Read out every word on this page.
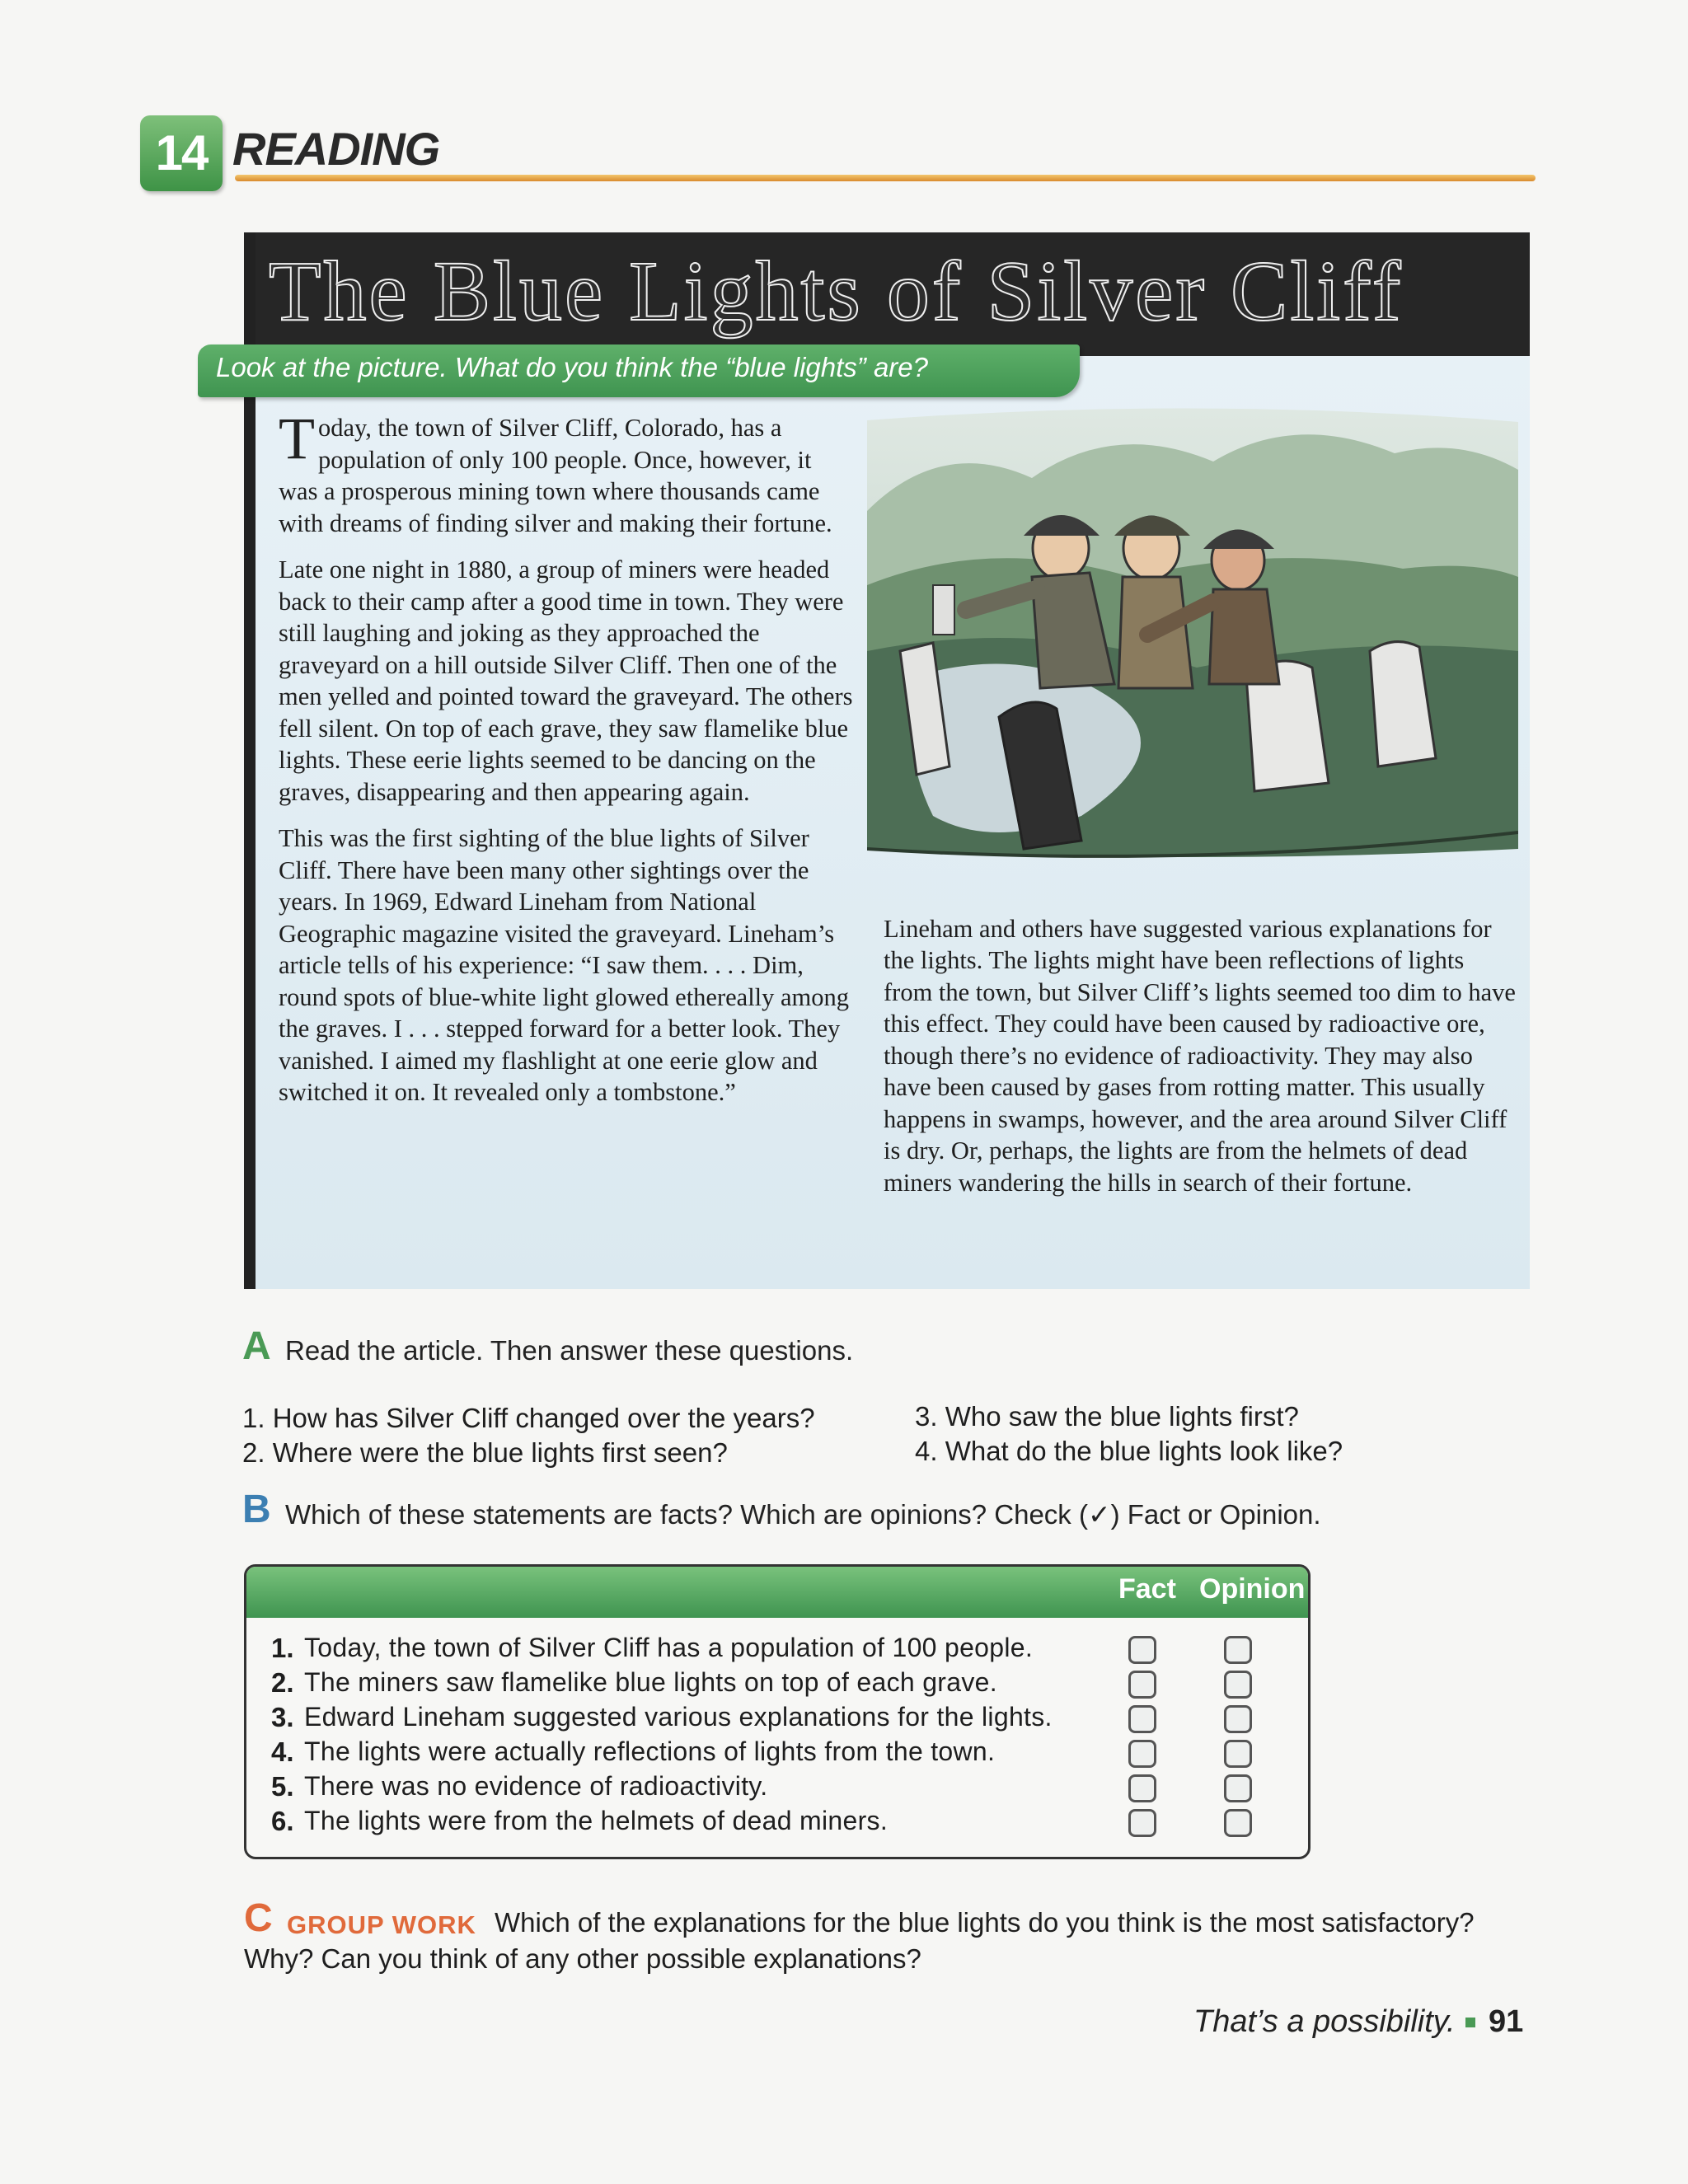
14 READING
The Blue Lights of Silver Cliff
Look at the picture. What do you think the “blue lights” are?

Today, the town of Silver Cliff, Colorado, has a population of only 100 people. Once, however, it was a prosperous mining town where thousands came with dreams of finding silver and making their fortune.

Late one night in 1880, a group of miners were headed back to their camp after a good time in town. They were still laughing and joking as they approached the graveyard on a hill outside Silver Cliff. Then one of the men yelled and pointed toward the graveyard. The others fell silent. On top of each grave, they saw flamelike blue lights. These eerie lights seemed to be dancing on the graves, disappearing and then appearing again.

This was the first sighting of the blue lights of Silver Cliff. There have been many other sightings over the years. In 1969, Edward Lineham from National Geographic magazine visited the graveyard. Lineham’s article tells of his experience: “I saw them. . . . Dim, round spots of blue-white light glowed ethereally among the graves. I . . . stepped forward for a better look. They vanished. I aimed my flashlight at one eerie glow and switched it on. It revealed only a tombstone.”

Lineham and others have suggested various explanations for the lights. The lights might have been reflections of lights from the town, but Silver Cliff’s lights seemed too dim to have this effect. They could have been caused by radioactive ore, though there’s no evidence of radioactivity. They may also have been caused by gases from rotting matter. This usually happens in swamps, however, and the area around Silver Cliff is dry. Or, perhaps, the lights are from the helmets of dead miners wandering the hills in search of their fortune.

A Read the article. Then answer these questions.
1. How has Silver Cliff changed over the years?
2. Where were the blue lights first seen?
3. Who saw the blue lights first?
4. What do the blue lights look like?
B Which of these statements are facts? Which are opinions? Check (✓) Fact or Opinion.
Fact Opinion
1. Today, the town of Silver Cliff has a population of 100 people.
2. The miners saw flamelike blue lights on top of each grave.
3. Edward Lineham suggested various explanations for the lights.
4. The lights were actually reflections of lights from the town.
5. There was no evidence of radioactivity.
6. The lights were from the helmets of dead miners.
C GROUP WORK Which of the explanations for the blue lights do you think is the most satisfactory?
Why? Can you think of any other possible explanations?
That’s a possibility. 91
